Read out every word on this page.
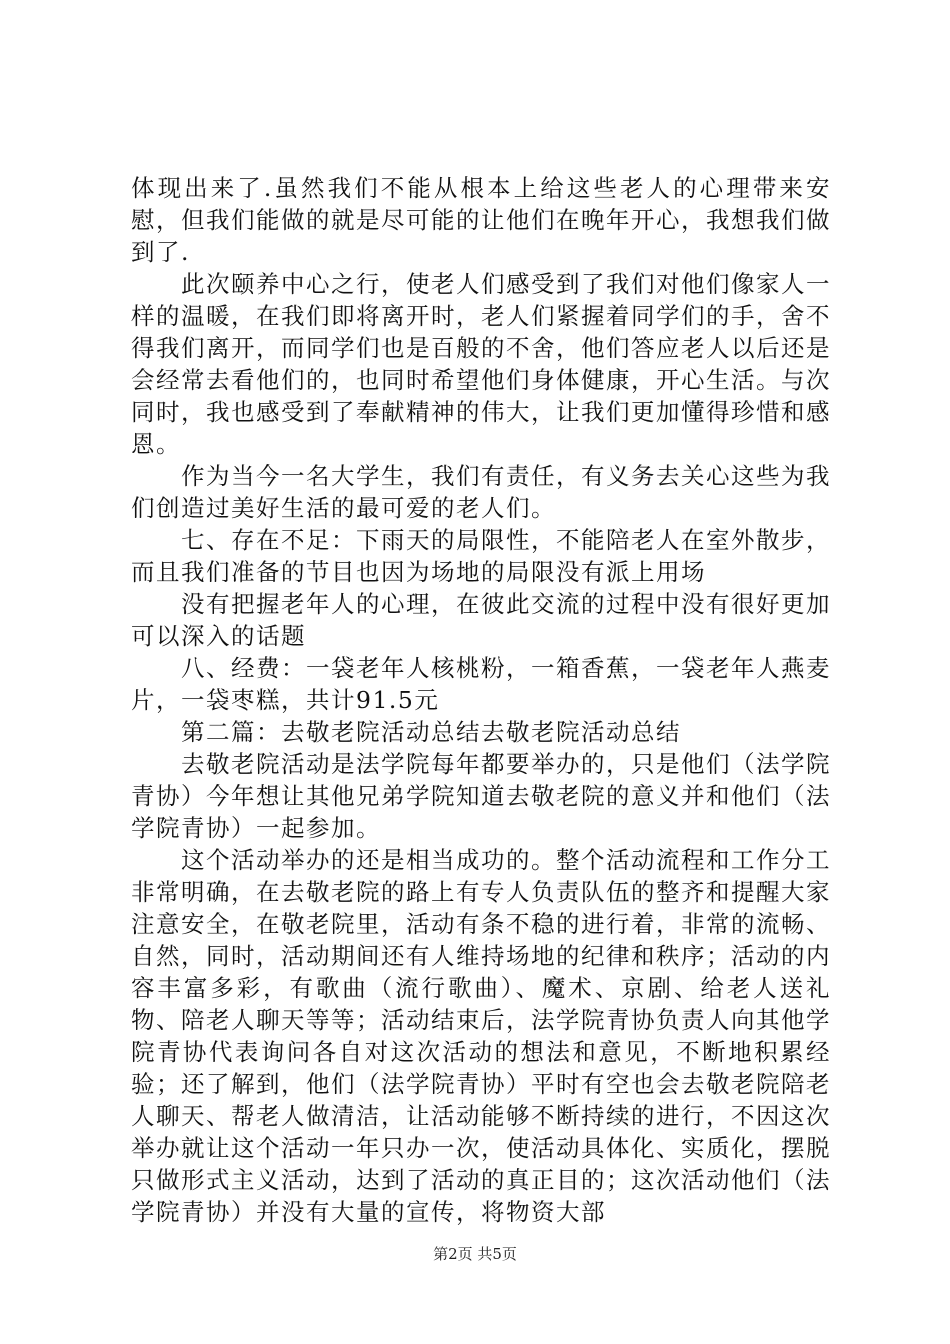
体现出来了.虽然我们不能从根本上给这些老人的心理带来安慰，但我们能做的就是尽可能的让他们在晚年开心，我想我们做到了.

此次颐养中心之行，使老人们感受到了我们对他们像家人一样的温暖，在我们即将离开时，老人们紧握着同学们的手，舍不得我们离开，而同学们也是百般的不舍，他们答应老人以后还是会经常去看他们的，也同时希望他们身体健康，开心生活。与次同时，我也感受到了奉献精神的伟大，让我们更加懂得珍惜和感恩。

作为当今一名大学生，我们有责任，有义务去关心这些为我们创造过美好生活的最可爱的老人们。

七、存在不足：下雨天的局限性，不能陪老人在室外散步，而且我们准备的节目也因为场地的局限没有派上用场

没有把握老年人的心理，在彼此交流的过程中没有很好更加可以深入的话题

八、经费：一袋老年人核桃粉，一箱香蕉，一袋老年人燕麦片，一袋枣糕，共计91.5元

第二篇：去敬老院活动总结去敬老院活动总结

去敬老院活动是法学院每年都要举办的，只是他们（法学院青协）今年想让其他兄弟学院知道去敬老院的意义并和他们（法学院青协）一起参加。

这个活动举办的还是相当成功的。整个活动流程和工作分工非常明确，在去敬老院的路上有专人负责队伍的整齐和提醒大家注意安全，在敬老院里，活动有条不稳的进行着，非常的流畅、自然，同时，活动期间还有人维持场地的纪律和秩序；活动的内容丰富多彩，有歌曲（流行歌曲）、魔术、京剧、给老人送礼物、陪老人聊天等等；活动结束后，法学院青协负责人向其他学院青协代表询问各自对这次活动的想法和意见，不断地积累经验；还了解到，他们（法学院青协）平时有空也会去敬老院陪老人聊天、帮老人做清洁，让活动能够不断持续的进行，不因这次举办就让这个活动一年只办一次，使活动具体化、实质化，摆脱只做形式主义活动，达到了活动的真正目的；这次活动他们（法学院青协）并没有大量的宣传，将物资大部

第2页 共5页
